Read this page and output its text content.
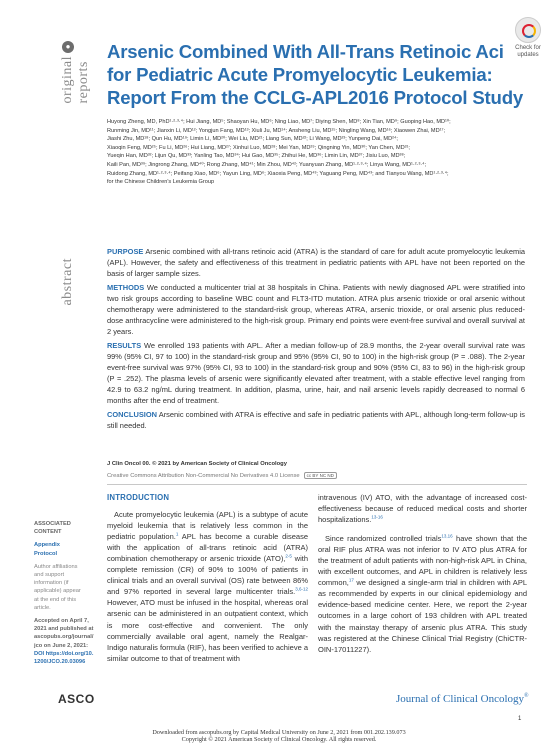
●
original reports
abstract
Check for
updates
Arsenic Combined With All-Trans Retinoic Aci
for Pediatric Acute Promyelocytic Leukemia:
Report From the CCLG-APL2016 Protocol Study
Huyong Zheng, MD, PhD¹·²·³·⁴; Hui Jiang, MD⁵; Shaoyan Hu, MD⁶; Ning Liao, MD⁷; Diying Shen, MD⁸; Xin Tian, MD⁹; Guoping Hao, MD¹⁰;
Runming Jin, MD¹¹; Jianxin Li, MD¹²; Yongjun Fang, MD¹³; Xiuli Ju, MD¹⁴; Ansheng Liu, MD¹⁵; Ningling Wang, MD¹⁶; Xiaowen Zhai, MD¹⁷;
Jiashi Zhu, MD¹⁸; Qun Hu, MD¹⁹; Limin Li, MD²⁰; Wei Liu, MD²¹; Liang Sun, MD²²; Li Wang, MD²³; Yunpeng Dai, MD²⁴;
Xiaoqin Feng, MD²⁵; Fu Li, MD²⁶; Hui Liang, MD²⁷; Xinhui Luo, MD²⁸; Mei Yan, MD²⁹; Qingning Yin, MD³⁰; Yan Chen, MD³¹;
Yueqin Han, MD³²; Lijun Qu, MD³³; Yanling Tao, MD³⁴; Hui Gao, MD³⁵; Zhihui He, MD³⁶; Limin Lin, MD³⁷; Jisiu Luo, MD³⁸;
Kaili Pan, MD³⁹; Jingrong Zhang, MD⁴⁰; Rong Zhang, MD⁴¹; Min Zhou, MD⁴²; Yuanyuan Zhang, MD¹·²·³·⁴; Linya Wang, MD¹·²·³·⁴;
Ruidong Zhang, MD¹·²·³·⁴; Peifang Xiao, MD⁶; Yayun Ling, MD⁶; Xiaoxia Peng, MD⁴³; Yaguang Peng, MD⁴³; and Tianyou Wang, MD¹·²·³·⁴;
for the Chinese Children's Leukemia Group

PURPOSE Arsenic combined with all-trans retinoic acid (ATRA) is the standard of care for adult acute promyelocytic leukemia (APL). However, the safety and effectiveness of this treatment in pediatric patients with APL have not been reported on the basis of larger sample sizes.

METHODS We conducted a multicenter trial at 38 hospitals in China. Patients with newly diagnosed APL were stratified into two risk groups according to baseline WBC count and FLT3-ITD mutation. ATRA plus arsenic trioxide or oral arsenic without chemotherapy were administered to the standard-risk group, whereas ATRA, arsenic trioxide, or oral arsenic plus reduced-dose anthracycline were administered to the high-risk group. Primary end points were event-free survival and overall survival at 2 years.

RESULTS We enrolled 193 patients with APL. After a median follow-up of 28.9 months, the 2-year overall survival rate was 99% (95% CI, 97 to 100) in the standard-risk group and 95% (95% CI, 90 to 100) in the high-risk group (P = .088). The 2-year event-free survival was 97% (95% CI, 93 to 100) in the standard-risk group and 90% (95% CI, 83 to 96) in the high-risk group (P = .252). The plasma levels of arsenic were significantly elevated after treatment, with a stable effective level ranging from 42.9 to 63.2 ng/mL during treatment. In addition, plasma, urine, hair, and nail arsenic levels rapidly decreased to normal 6 months after the end of treatment.

CONCLUSION Arsenic combined with ATRA is effective and safe in pediatric patients with APL, although long-term follow-up is still needed.

J Clin Oncol 00. © 2021 by American Society of Clinical Oncology
Creative Commons Attribution Non-Commercial No Derivatives 4.0 License cc BY NC ND
ASSOCIATED
CONTENT
Appendix
Protocol
Author affiliations
and support
information (if
applicable) appear
at the end of this
article.
Accepted on April 7,
2021 and published at
ascopubs.org/journal/
jco on June 2, 2021:
DOI https://doi.org/10.
1200/JCO.20.03096
INTRODUCTION

Acute promyelocytic leukemia (APL) is a subtype of acute myeloid leukemia that is relatively less common in the pediatric population.$^1$ APL has become a curable disease with the application of all-trans retinoic acid (ATRA) combination chemotherapy or arsenic trioxide (ATO),$^{2-5}$ with complete remission (CR) of 90% to 100% of patients in clinical trials and an overall survival (OS) rate between 86% and 97% reported in several large multicenter trials.$^{3,6-12}$ However, ATO must be infused in the hospital, whereas oral arsenic can be administered in an outpatient context, which is more cost-effective and convenient. The only commercially available oral agent, namely the Realgar-Indigo naturalis formula (RIF), has been verified to achieve a similar outcome to that of treatment with

intravenous (IV) ATO, with the advantage of increased cost-effectiveness because of reduced medical costs and shorter hospitalizations.$^{13-16}$

Since randomized controlled trials$^{13,16}$ have shown that the oral RIF plus ATRA was not inferior to IV ATO plus ATRA for the treatment of adult patients with non-high-risk APL in China, with excellent outcomes, and APL in children is relatively less common,$^{17}$ we designed a single-arm trial in children with APL as recommended by experts in our clinical epidemiology and evidence-based medicine center. Here, we report the 2-year outcomes in a large cohort of 193 children with APL treated with the mainstay therapy of arsenic plus ATRA. This study was registered at the Chinese Clinical Trial Registry (ChiCTR-OIN-17011227).

ASCO	Journal of Clinical Oncology®
1
Downloaded from ascopubs.org by Capital Medical University on June 2, 2021 from 001.202.139.073
Copyright © 2021 American Society of Clinical Oncology. All rights reserved.
